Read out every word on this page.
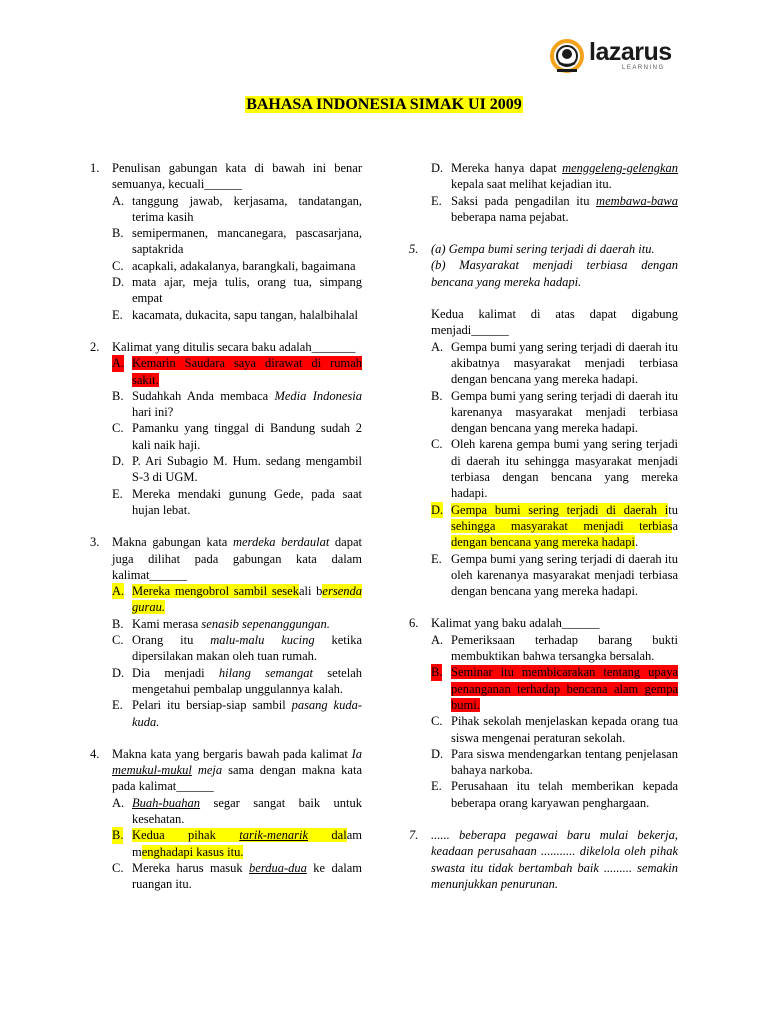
lazarus
LEARNING
BAHASA INDONESIA SIMAK UI 2009
1. Penulisan gabungan kata di bawah ini benar semuanya, kecuali______
A. tanggung jawab, kerjasama, tandatangan, terima kasih
B. semipermanen, mancanegara, pascasarjana, saptakrida
C. acapkali, adakalanya, barangkali, bagaimana
D. mata ajar, meja tulis, orang tua, simpang empat
E. kacamata, dukacita, sapu tangan, halalbihalal
2. Kalimat yang ditulis secara baku adalah_______
A. Kemarin Saudara saya dirawat di rumah sakit.
B. Sudahkah Anda membaca Media Indonesia hari ini?
C. Pamanku yang tinggal di Bandung sudah 2 kali naik haji.
D. P. Ari Subagio M. Hum. sedang mengambil S-3 di UGM.
E. Mereka mendaki gunung Gede, pada saat hujan lebat.
3. Makna gabungan kata merdeka berdaulat dapat juga dilihat pada gabungan kata dalam kalimat______
A. Mereka mengobrol sambil sesekali bersenda gurau.
B. Kami merasa senasib sepenanggungan.
C. Orang itu malu-malu kucing ketika dipersilakan makan oleh tuan rumah.
D. Dia menjadi hilang semangat setelah mengetahui pembalap unggulannya kalah.
E. Pelari itu bersiap-siap sambil pasang kuda-kuda.
4. Makna kata yang bergaris bawah pada kalimat Ia memukul-mukul meja sama dengan makna kata pada kalimat______
A. Buah-buahan segar sangat baik untuk kesehatan.
B. Kedua pihak tarik-menarik dalam menghadapi kasus itu.
C. Mereka harus masuk berdua-dua ke dalam ruangan itu.
D. Mereka hanya dapat menggeleng-gelengkan kepala saat melihat kejadian itu.
E. Saksi pada pengadilan itu membawa-bawa beberapa nama pejabat.
5. (a) Gempa bumi sering terjadi di daerah itu.
(b) Masyarakat menjadi terbiasa dengan bencana yang mereka hadapi.
Kedua kalimat di atas dapat digabung menjadi______
A. Gempa bumi yang sering terjadi di daerah itu akibatnya masyarakat menjadi terbiasa dengan bencana yang mereka hadapi.
B. Gempa bumi yang sering terjadi di daerah itu karenanya masyarakat menjadi terbiasa dengan bencana yang mereka hadapi.
C. Oleh karena gempa bumi yang sering terjadi di daerah itu sehingga masyarakat menjadi terbiasa dengan bencana yang mereka hadapi.
D. Gempa bumi sering terjadi di daerah itu sehingga masyarakat menjadi terbiasa dengan bencana yang mereka hadapi.
E. Gempa bumi yang sering terjadi di daerah itu oleh karenanya masyarakat menjadi terbiasa dengan bencana yang mereka hadapi.
6. Kalimat yang baku adalah______
A. Pemeriksaan terhadap barang bukti membuktikan bahwa tersangka bersalah.
B. Seminar itu membicarakan tentang upaya penanganan terhadap bencana alam gempa bumi.
C. Pihak sekolah menjelaskan kepada orang tua siswa mengenai peraturan sekolah.
D. Para siswa mendengarkan tentang penjelasan bahaya narkoba.
E. Perusahaan itu telah memberikan kepada beberapa orang karyawan penghargaan.
7. ...... beberapa pegawai baru mulai bekerja, keadaan perusahaan ........... dikelola oleh pihak swasta itu tidak bertambah baik ......... semakin menunjukkan penurunan.
